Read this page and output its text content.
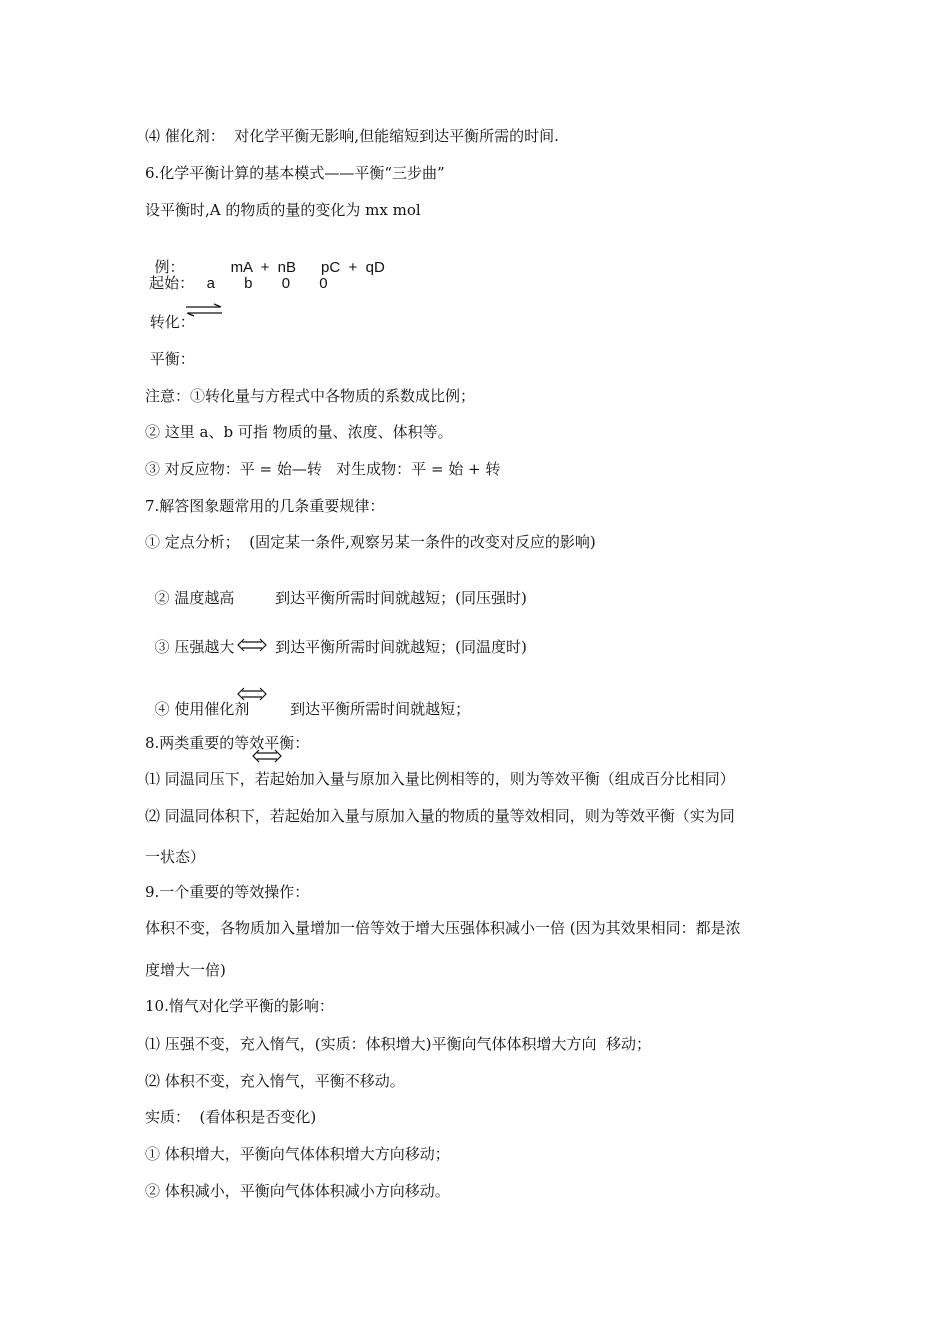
⑷ 催化剂：  对化学平衡无影响,但能缩短到达平衡所需的时间.
6.化学平衡计算的基本模式——平衡“三步曲”
设平衡时,A 的物质的量的变化为 mx mol

例：	mA  +  nB      pC  +  qD

起始：   a       b       0       0
转化：
平衡：
注意：①转化量与方程式中各物质的系数成比例；
② 这里 a、b 可指 物质的量、浓度、体积等。
③ 对反应物：平 = 始—转   对生成物：平 = 始 + 转
7.解答图象题常用的几条重要规律：
① 定点分析；  (固定某一条件,观察另某一条件的改变对反应的影响)

② 温度越高

到达平衡所需时间就越短；(同压强时)

③ 压强越大

到达平衡所需时间就越短；(同温度时)

④ 使用催化剂

到达平衡所需时间就越短；

8.两类重要的等效平衡：
⑴ 同温同压下，若起始加入量与原加入量比例相等的，则为等效平衡（组成百分比相同）
⑵ 同温同体积下，若起始加入量与原加入量的物质的量等效相同，则为等效平衡（实为同
一状态）
9.一个重要的等效操作：
体积不变，各物质加入量增加一倍等效于增大压强体积减小一倍 (因为其效果相同：都是浓
度增大一倍)
10.惰气对化学平衡的影响：
⑴ 压强不变，充入惰气，(实质：体积增大)平衡向气体体积增大方向  移动；
⑵ 体积不变，充入惰气，平衡不移动。
实质：  (看体积是否变化)
① 体积增大，平衡向气体体积增大方向移动；
② 体积减小，平衡向气体体积减小方向移动。
